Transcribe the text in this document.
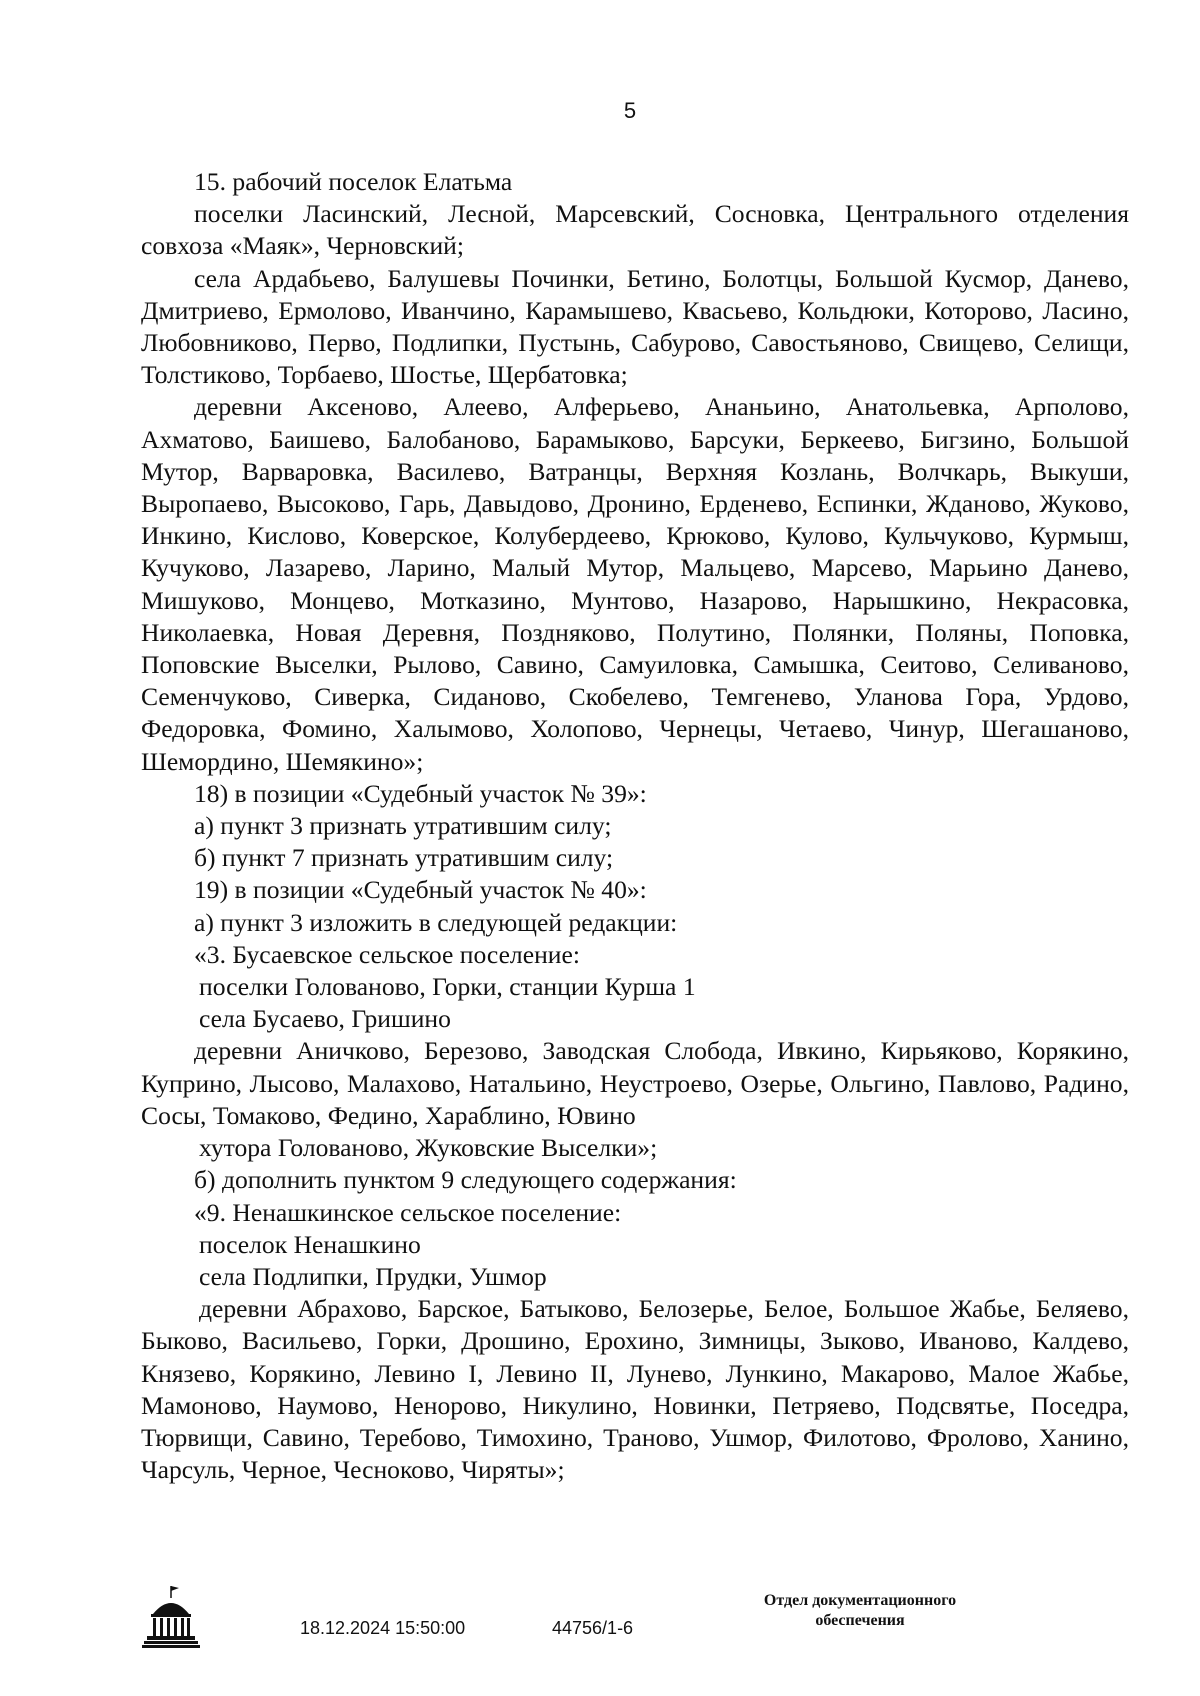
5

15. рабочий поселок Елатьма

поселки Ласинский, Лесной, Марсевский, Сосновка, Центрального отделения совхоза «Маяк», Черновский;

села Ардабьево, Балушевы Починки, Бетино, Болотцы, Большой Кусмор, Данево, Дмитриево, Ермолово, Иванчино, Карамышево, Квасьево, Кольдюки, Которово, Ласино, Любовниково, Перво, Подлипки, Пустынь, Сабурово, Савостьяново, Свищево, Селищи, Толстиково, Торбаево, Шостье, Щербатовка;

деревни Аксеново, Алеево, Алферьево, Ананьино, Анатольевка, Арполово, Ахматово, Баишево, Балобаново, Барамыково, Барсуки, Беркеево, Бигзино, Большой Мутор, Варваровка, Василево, Ватранцы, Верхняя Козлань, Волчкарь, Выкуши, Выропаево, Высоково, Гарь, Давыдово, Дронино, Ерденево, Еспинки, Жданово, Жуково, Инкино, Кислово, Коверское, Колубердеево, Крюково, Кулово, Кульчуково, Курмыш, Кучуково, Лазарево, Ларино, Малый Мутор, Мальцево, Марсево, Марьино Данево, Мишуково, Монцево, Мотказино, Мунтово, Назарово, Нарышкино, Некрасовка, Николаевка, Новая Деревня, Поздняково, Полутино, Полянки, Поляны, Поповка, Поповские Выселки, Рылово, Савино, Самуиловка, Самышка, Сеитово, Селиваново, Семенчуково, Сиверка, Сиданово, Скобелево, Темгенево, Уланова Гора, Урдово, Федоровка, Фомино, Халымово, Холопово, Чернецы, Четаево, Чинур, Шегашаново, Шемордино, Шемякино»;

18) в позиции «Судебный участок № 39»:

а) пункт 3 признать утратившим силу;

б) пункт 7 признать утратившим силу;

19) в позиции «Судебный участок № 40»:

а) пункт 3 изложить в следующей редакции:

«3. Бусаевское сельское поселение:

поселки Голованово, Горки, станции Курша 1

села Бусаево, Гришино

деревни Аничково, Березово, Заводская Слобода, Ивкино, Кирьяково, Корякино, Куприно, Лысово, Малахово, Натальино, Неустроево, Озерье, Ольгино, Павлово, Радино, Сосы, Томаково, Федино, Хараблино, Ювино

хутора Голованово, Жуковские Выселки»;

б) дополнить пунктом 9 следующего содержания:

«9. Ненашкинское сельское поселение:

поселок Ненашкино

села Подлипки, Прудки, Ушмор

деревни Абрахово, Барское, Батыково, Белозерье, Белое, Большое Жабье, Беляево, Быково, Васильево, Горки, Дрошино, Ерохино, Зимницы, Зыково, Иваново, Калдево, Князево, Корякино, Левино I, Левино II, Лунево, Лункино, Макарово, Малое Жабье, Мамоново, Наумово, Ненорово, Никулино, Новинки, Петряево, Подсвятье, Поседра, Тюрвищи, Савино, Теребово, Тимохино, Траново, Ушмор, Филотово, Фролово, Ханино, Чарсуль, Черное, Чесноково, Чиряты»;

18.12.2024 15:50:00	44756/1-6
Отдел документационного
обеспечения
